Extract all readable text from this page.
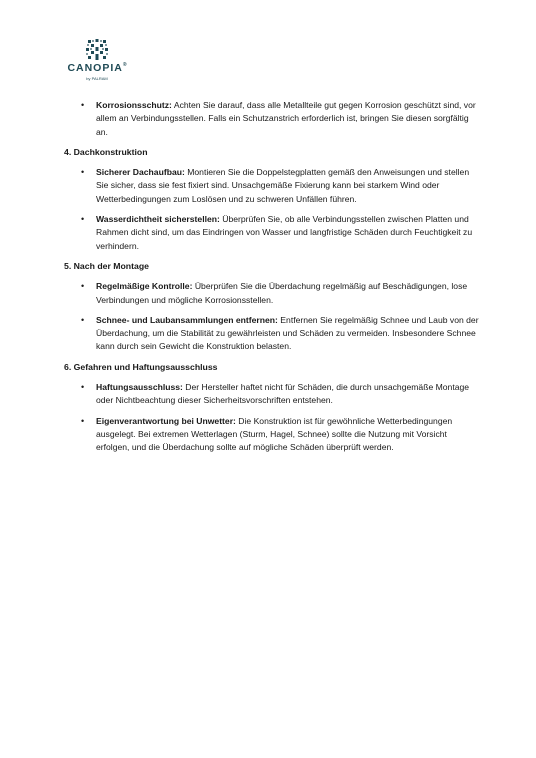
CANOPIA®
by PALRAM
• Korrosionsschutz: Achten Sie darauf, dass alle Metallteile gut gegen Korrosion geschützt sind, vor allem an Verbindungsstellen. Falls ein Schutzanstrich erforderlich ist, bringen Sie diesen sorgfältig an.
4. Dachkonstruktion
• Sicherer Dachaufbau: Montieren Sie die Doppelstegplatten gemäß den Anweisungen und stellen Sie sicher, dass sie fest fixiert sind. Unsachgemäße Fixierung kann bei starkem Wind oder Wetterbedingungen zum Loslösen und zu schweren Unfällen führen.
• Wasserdichtheit sicherstellen: Überprüfen Sie, ob alle Verbindungsstellen zwischen Platten und Rahmen dicht sind, um das Eindringen von Wasser und langfristige Schäden durch Feuchtigkeit zu verhindern.
5. Nach der Montage
• Regelmäßige Kontrolle: Überprüfen Sie die Überdachung regelmäßig auf Beschädigungen, lose Verbindungen und mögliche Korrosionsstellen.
• Schnee- und Laubansammlungen entfernen: Entfernen Sie regelmäßig Schnee und Laub von der Überdachung, um die Stabilität zu gewährleisten und Schäden zu vermeiden. Insbesondere Schnee kann durch sein Gewicht die Konstruktion belasten.
6. Gefahren und Haftungsausschluss
• Haftungsausschluss: Der Hersteller haftet nicht für Schäden, die durch unsachgemäße Montage oder Nichtbeachtung dieser Sicherheitsvorschriften entstehen.
• Eigenverantwortung bei Unwetter: Die Konstruktion ist für gewöhnliche Wetterbedingungen ausgelegt. Bei extremen Wetterlagen (Sturm, Hagel, Schnee) sollte die Nutzung mit Vorsicht erfolgen, und die Überdachung sollte auf mögliche Schäden überprüft werden.
